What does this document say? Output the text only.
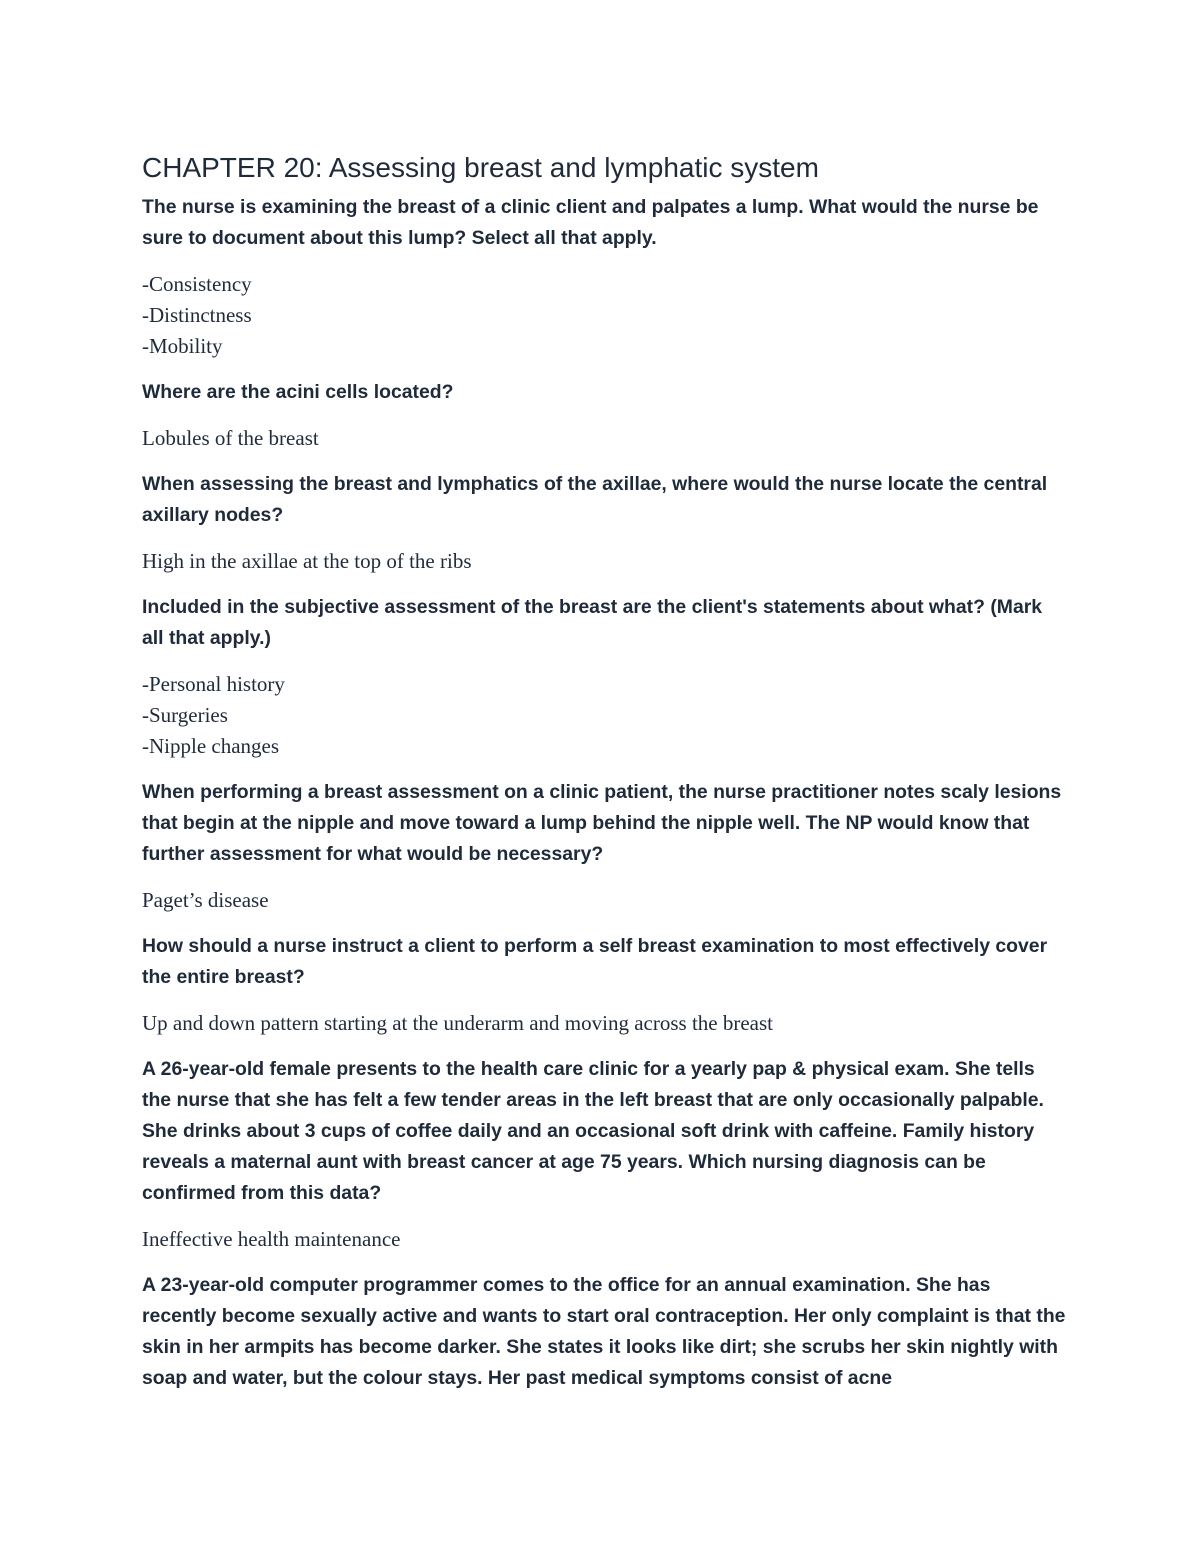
CHAPTER 20: Assessing breast and lymphatic system

The nurse is examining the breast of a clinic client and palpates a lump. What would the nurse be sure to document about this lump? Select all that apply.

-Consistency
-Distinctness
-Mobility

Where are the acini cells located?

Lobules of the breast

When assessing the breast and lymphatics of the axillae, where would the nurse locate the central axillary nodes?

High in the axillae at the top of the ribs

Included in the subjective assessment of the breast are the client's statements about what? (Mark all that apply.)

-Personal history
-Surgeries
-Nipple changes

When performing a breast assessment on a clinic patient, the nurse practitioner notes scaly lesions that begin at the nipple and move toward a lump behind the nipple well. The NP would know that further assessment for what would be necessary?

Paget’s disease

How should a nurse instruct a client to perform a self breast examination to most effectively cover the entire breast?

Up and down pattern starting at the underarm and moving across the breast

A 26-year-old female presents to the health care clinic for a yearly pap & physical exam. She tells the nurse that she has felt a few tender areas in the left breast that are only occasionally palpable. She drinks about 3 cups of coffee daily and an occasional soft drink with caffeine. Family history reveals a maternal aunt with breast cancer at age 75 years. Which nursing diagnosis can be confirmed from this data?

Ineffective health maintenance

A 23-year-old computer programmer comes to the office for an annual examination. She has recently become sexually active and wants to start oral contraception. Her only complaint is that the skin in her armpits has become darker. She states it looks like dirt; she scrubs her skin nightly with soap and water, but the colour stays. Her past medical symptoms consist of acne
